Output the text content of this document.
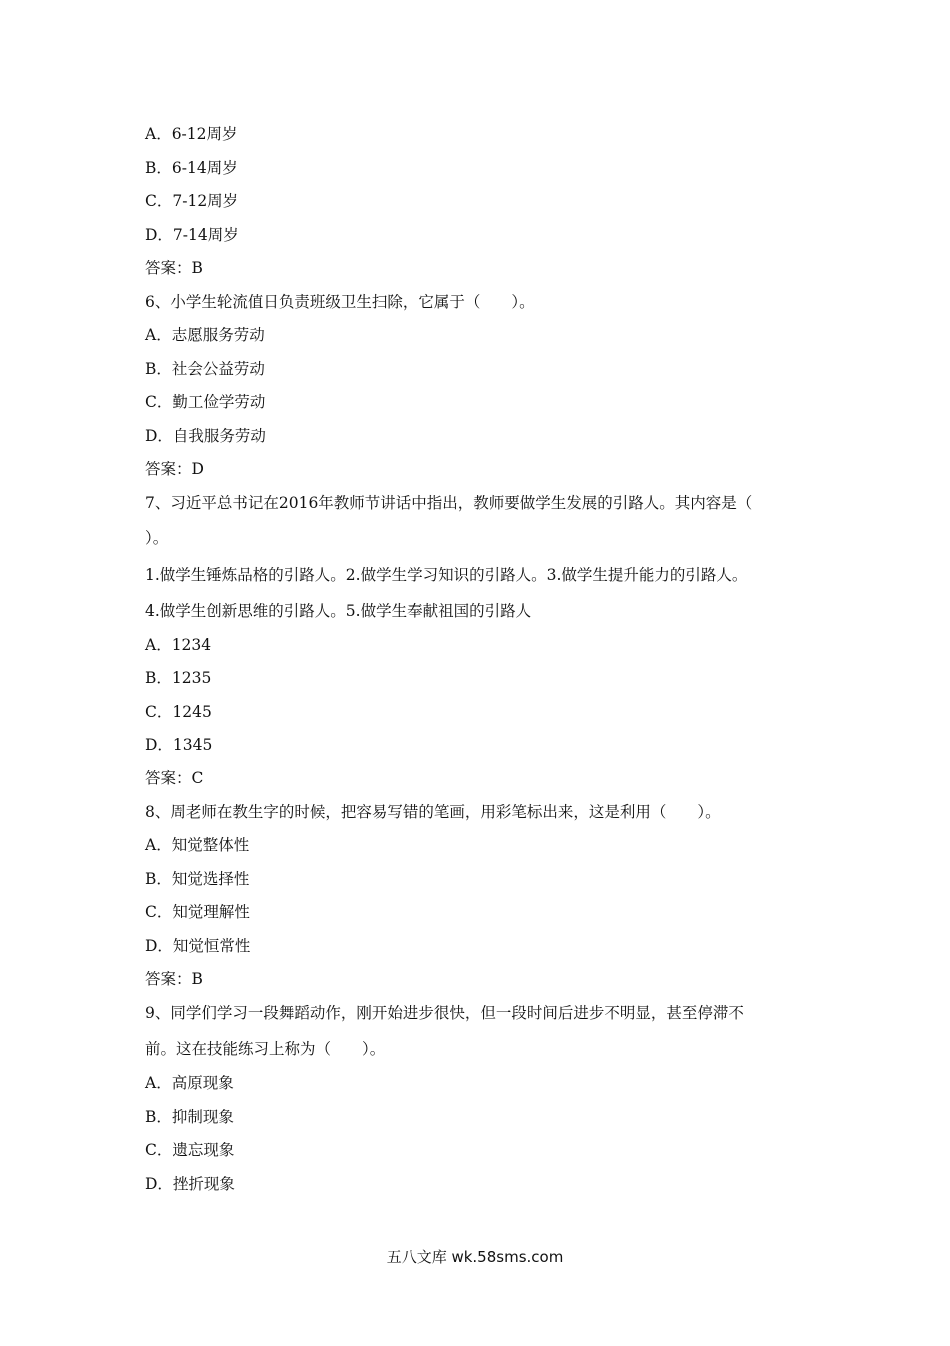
A．6-12周岁
B．6-14周岁
C．7-12周岁
D．7-14周岁
答案：B
6、小学生轮流值日负责班级卫生扫除，它属于（　　）。
A．志愿服务劳动
B．社会公益劳动
C．勤工俭学劳动
D．自我服务劳动
答案：D
7、习近平总书记在2016年教师节讲话中指出，教师要做学生发展的引路人。其内容是（
）。
1.做学生锤炼品格的引路人。2.做学生学习知识的引路人。3.做学生提升能力的引路人。
4.做学生创新思维的引路人。5.做学生奉献祖国的引路人
A．1234
B．1235
C．1245
D．1345
答案：C
8、周老师在教生字的时候，把容易写错的笔画，用彩笔标出来，这是利用（　　）。
A．知觉整体性
B．知觉选择性
C．知觉理解性
D．知觉恒常性
答案：B
9、同学们学习一段舞蹈动作，刚开始进步很快，但一段时间后进步不明显，甚至停滞不
前。这在技能练习上称为（　　）。
A．高原现象
B．抑制现象
C．遗忘现象
D．挫折现象
五八文库 wk.58sms.com
